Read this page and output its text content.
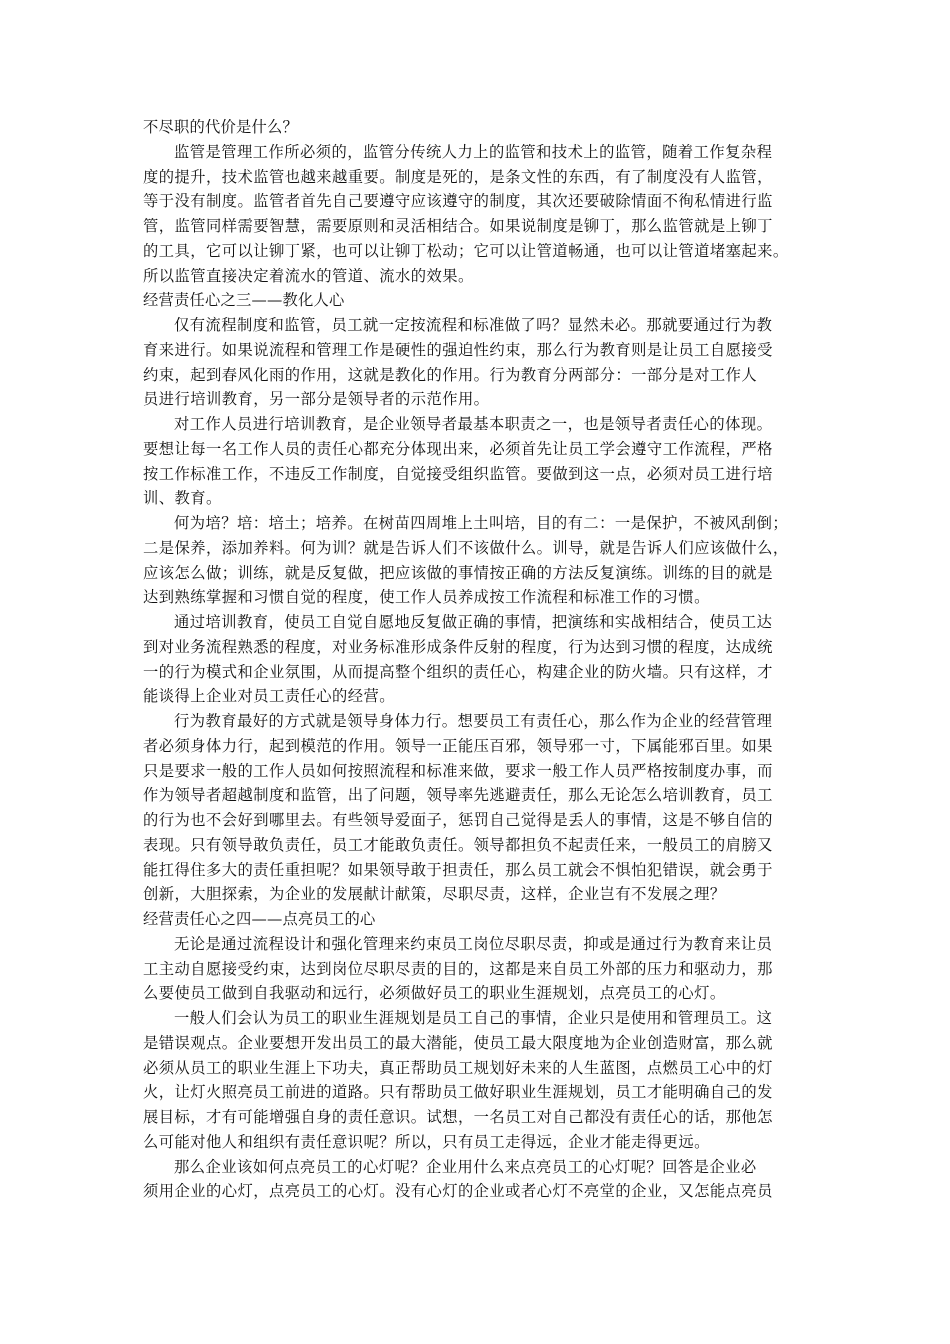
不尽职的代价是什么？
监管是管理工作所必须的，监管分传统人力上的监管和技术上的监管，随着工作复杂程
度的提升，技术监管也越来越重要。制度是死的，是条文性的东西，有了制度没有人监管，
等于没有制度。监管者首先自己要遵守应该遵守的制度，其次还要破除情面不徇私情进行监
管，监管同样需要智慧，需要原则和灵活相结合。如果说制度是铆丁，那么监管就是上铆丁
的工具，它可以让铆丁紧，也可以让铆丁松动；它可以让管道畅通，也可以让管道堵塞起来。
所以监管直接决定着流水的管道、流水的效果。
经营责任心之三——教化人心
仅有流程制度和监管，员工就一定按流程和标准做了吗？显然未必。那就要通过行为教
育来进行。如果说流程和管理工作是硬性的强迫性约束，那么行为教育则是让员工自愿接受
约束，起到春风化雨的作用，这就是教化的作用。行为教育分两部分：一部分是对工作人
员进行培训教育，另一部分是领导者的示范作用。
对工作人员进行培训教育，是企业领导者最基本职责之一，也是领导者责任心的体现。
要想让每一名工作人员的责任心都充分体现出来，必须首先让员工学会遵守工作流程，严格
按工作标准工作，不违反工作制度，自觉接受组织监管。要做到这一点，必须对员工进行培
训、教育。
何为培？培：培土；培养。在树苗四周堆上土叫培，目的有二：一是保护，不被风刮倒；
二是保养，添加养料。何为训？就是告诉人们不该做什么。训导，就是告诉人们应该做什么，
应该怎么做；训练，就是反复做，把应该做的事情按正确的方法反复演练。训练的目的就是
达到熟练掌握和习惯自觉的程度，使工作人员养成按工作流程和标准工作的习惯。
通过培训教育，使员工自觉自愿地反复做正确的事情，把演练和实战相结合，使员工达
到对业务流程熟悉的程度，对业务标准形成条件反射的程度，行为达到习惯的程度，达成统
一的行为模式和企业氛围，从而提高整个组织的责任心，构建企业的防火墙。只有这样，才
能谈得上企业对员工责任心的经营。
行为教育最好的方式就是领导身体力行。想要员工有责任心，那么作为企业的经营管理
者必须身体力行，起到模范的作用。领导一正能压百邪，领导邪一寸，下属能邪百里。如果
只是要求一般的工作人员如何按照流程和标准来做，要求一般工作人员严格按制度办事，而
作为领导者超越制度和监管，出了问题，领导率先逃避责任，那么无论怎么培训教育，员工
的行为也不会好到哪里去。有些领导爱面子，惩罚自己觉得是丢人的事情，这是不够自信的
表现。只有领导敢负责任，员工才能敢负责任。领导都担负不起责任来，一般员工的肩膀又
能扛得住多大的责任重担呢？如果领导敢于担责任，那么员工就会不惧怕犯错误，就会勇于
创新，大胆探索，为企业的发展献计献策，尽职尽责，这样，企业岂有不发展之理？
经营责任心之四——点亮员工的心
无论是通过流程设计和强化管理来约束员工岗位尽职尽责，抑或是通过行为教育来让员
工主动自愿接受约束，达到岗位尽职尽责的目的，这都是来自员工外部的压力和驱动力，那
么要使员工做到自我驱动和远行，必须做好员工的职业生涯规划，点亮员工的心灯。
一般人们会认为员工的职业生涯规划是员工自己的事情，企业只是使用和管理员工。这
是错误观点。企业要想开发出员工的最大潜能，使员工最大限度地为企业创造财富，那么就
必须从员工的职业生涯上下功夫，真正帮助员工规划好未来的人生蓝图，点燃员工心中的灯
火，让灯火照亮员工前进的道路。只有帮助员工做好职业生涯规划，员工才能明确自己的发
展目标，才有可能增强自身的责任意识。试想，一名员工对自己都没有责任心的话，那他怎
么可能对他人和组织有责任意识呢？所以，只有员工走得远，企业才能走得更远。
那么企业该如何点亮员工的心灯呢？企业用什么来点亮员工的心灯呢？回答是企业必
须用企业的心灯，点亮员工的心灯。没有心灯的企业或者心灯不亮堂的企业，又怎能点亮员
